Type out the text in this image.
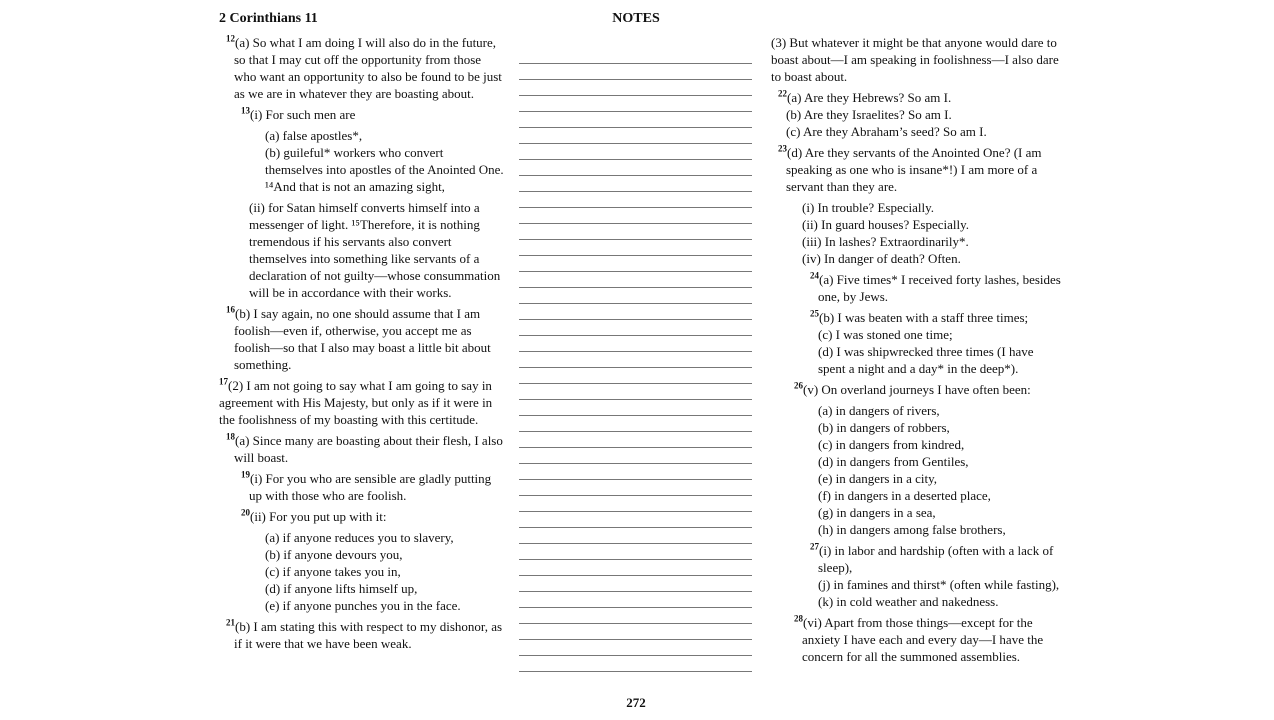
2 Corinthians 11	NOTES

$^{12}$(a) So what I am doing I will also do in the future, so that I may cut off the opportunity from those who want an opportunity to also be found to be just as we are in whatever they are boasting about.

$^{13}$(i) For such men are

(a) false apostles*,

(b) guileful* workers who convert themselves into apostles of the Anointed One. ¹⁴And that is not an amazing sight,

(ii) for Satan himself converts himself into a messenger of light. ¹⁵Therefore, it is nothing tremendous if his servants also convert themselves into something like servants of a declaration of not guilty—whose consummation will be in accordance with their works.

$^{16}$(b) I say again, no one should assume that I am foolish—even if, otherwise, you accept me as foolish—so that I also may boast a little bit about something.

$^{17}$(2) I am not going to say what I am going to say in agreement with His Majesty, but only as if it were in the foolishness of my boasting with this certitude.

$^{18}$(a) Since many are boasting about their flesh, I also will boast.

$^{19}$(i) For you who are sensible are gladly putting up with those who are foolish.

$^{20}$(ii) For you put up with it:

(a) if anyone reduces you to slavery,

(b) if anyone devours you,

(c) if anyone takes you in,

(d) if anyone lifts himself up,

(e) if anyone punches you in the face.

$^{21}$(b) I am stating this with respect to my dishonor, as if it were that we have been weak.

(3) But whatever it might be that anyone would dare to boast about—I am speaking in foolishness—I also dare to boast about.

$^{22}$(a) Are they Hebrews? So am I.

(b) Are they Israelites? So am I.

(c) Are they Abraham’s seed? So am I.

$^{23}$(d) Are they servants of the Anointed One? (I am speaking as one who is insane*!) I am more of a servant than they are.

(i) In trouble? Especially.

(ii) In guard houses? Especially.

(iii) In lashes? Extraordinarily*.

(iv) In danger of death? Often.

$^{24}$(a) Five times* I received forty lashes, besides one, by Jews.

$^{25}$(b) I was beaten with a staff three times;

(c) I was stoned one time;

(d) I was shipwrecked three times (I have spent a night and a day* in the deep*).

$^{26}$(v) On overland journeys I have often been:

(a) in dangers of rivers,

(b) in dangers of robbers,

(c) in dangers from kindred,

(d) in dangers from Gentiles,

(e) in dangers in a city,

(f) in dangers in a deserted place,

(g) in dangers in a sea,

(h) in dangers among false brothers,

$^{27}$(i) in labor and hardship (often with a lack of sleep),

(j) in famines and thirst* (often while fasting),

(k) in cold weather and nakedness.

$^{28}$(vi) Apart from those things—except for the anxiety I have each and every day—I have the concern for all the summoned assemblies.

272
